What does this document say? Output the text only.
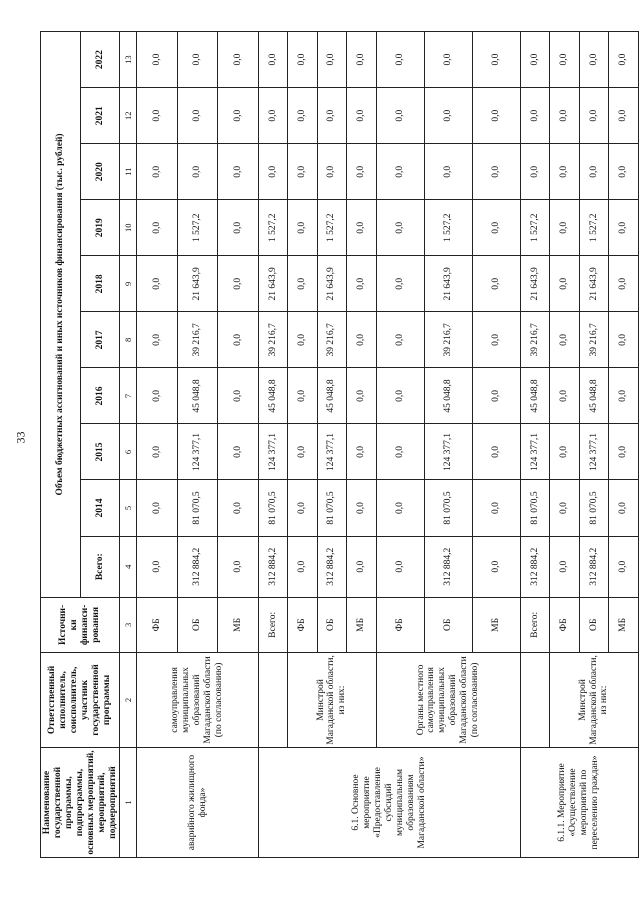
33
Наименование государственной программы, подпрограммы, основных мероприятий, мероприятий, подмероприятий	Ответственный исполнитель, соисполнитель, участник государственной программы	Источни-ки финанси-рования	Объем бюджетных ассигнований и иных источников финансирования (тыс. рублей)									
			Всего:	2014	2015	2016	2017	2018	2019	2020	2021	2022
1	2	3	4	5	6	7	8	9	10	11	12	13
аварийного жилищного фонда»	самоуправления муниципальных образований Магаданской области (по согласованию)	ФБ	0,0	0,0	0,0	0,0	0,0	0,0	0,0	0,0	0,0	0,0
		ОБ	312 884,2	81 070,5	124 377,1	45 048,8	39 216,7	21 643,9	1 527,2	0,0	0,0	0,0
		МБ	0,0	0,0	0,0	0,0	0,0	0,0	0,0	0,0	0,0	0,0
6.1. Основное мероприятие «Предоставление субсидий муниципальным образованиям Магаданской области»		Всего:	312 884,2	81 070,5	124 377,1	45 048,8	39 216,7	21 643,9	1 527,2	0,0	0,0	0,0
	Минстрой Магаданской области, из них:	ФБ	0,0	0,0	0,0	0,0	0,0	0,0	0,0	0,0	0,0	0,0
		ОБ	312 884,2	81 070,5	124 377,1	45 048,8	39 216,7	21 643,9	1 527,2	0,0	0,0	0,0
		МБ	0,0	0,0	0,0	0,0	0,0	0,0	0,0	0,0	0,0	0,0
	Органы местного самоуправления муниципальных образований Магаданской области (по согласованию)	ФБ	0,0	0,0	0,0	0,0	0,0	0,0	0,0	0,0	0,0	0,0
		ОБ	312 884,2	81 070,5	124 377,1	45 048,8	39 216,7	21 643,9	1 527,2	0,0	0,0	0,0
		МБ	0,0	0,0	0,0	0,0	0,0	0,0	0,0	0,0	0,0	0,0
6.1.1. Мероприятие «Осуществление мероприятий по переселению граждан»		Всего:	312 884,2	81 070,5	124 377,1	45 048,8	39 216,7	21 643,9	1 527,2	0,0	0,0	0,0
	Минстрой Магаданской области, из них:	ФБ	0,0	0,0	0,0	0,0	0,0	0,0	0,0	0,0	0,0	0,0
		ОБ	312 884,2	81 070,5	124 377,1	45 048,8	39 216,7	21 643,9	1 527,2	0,0	0,0	0,0
		МБ	0,0	0,0	0,0	0,0	0,0	0,0	0,0	0,0	0,0	0,0
